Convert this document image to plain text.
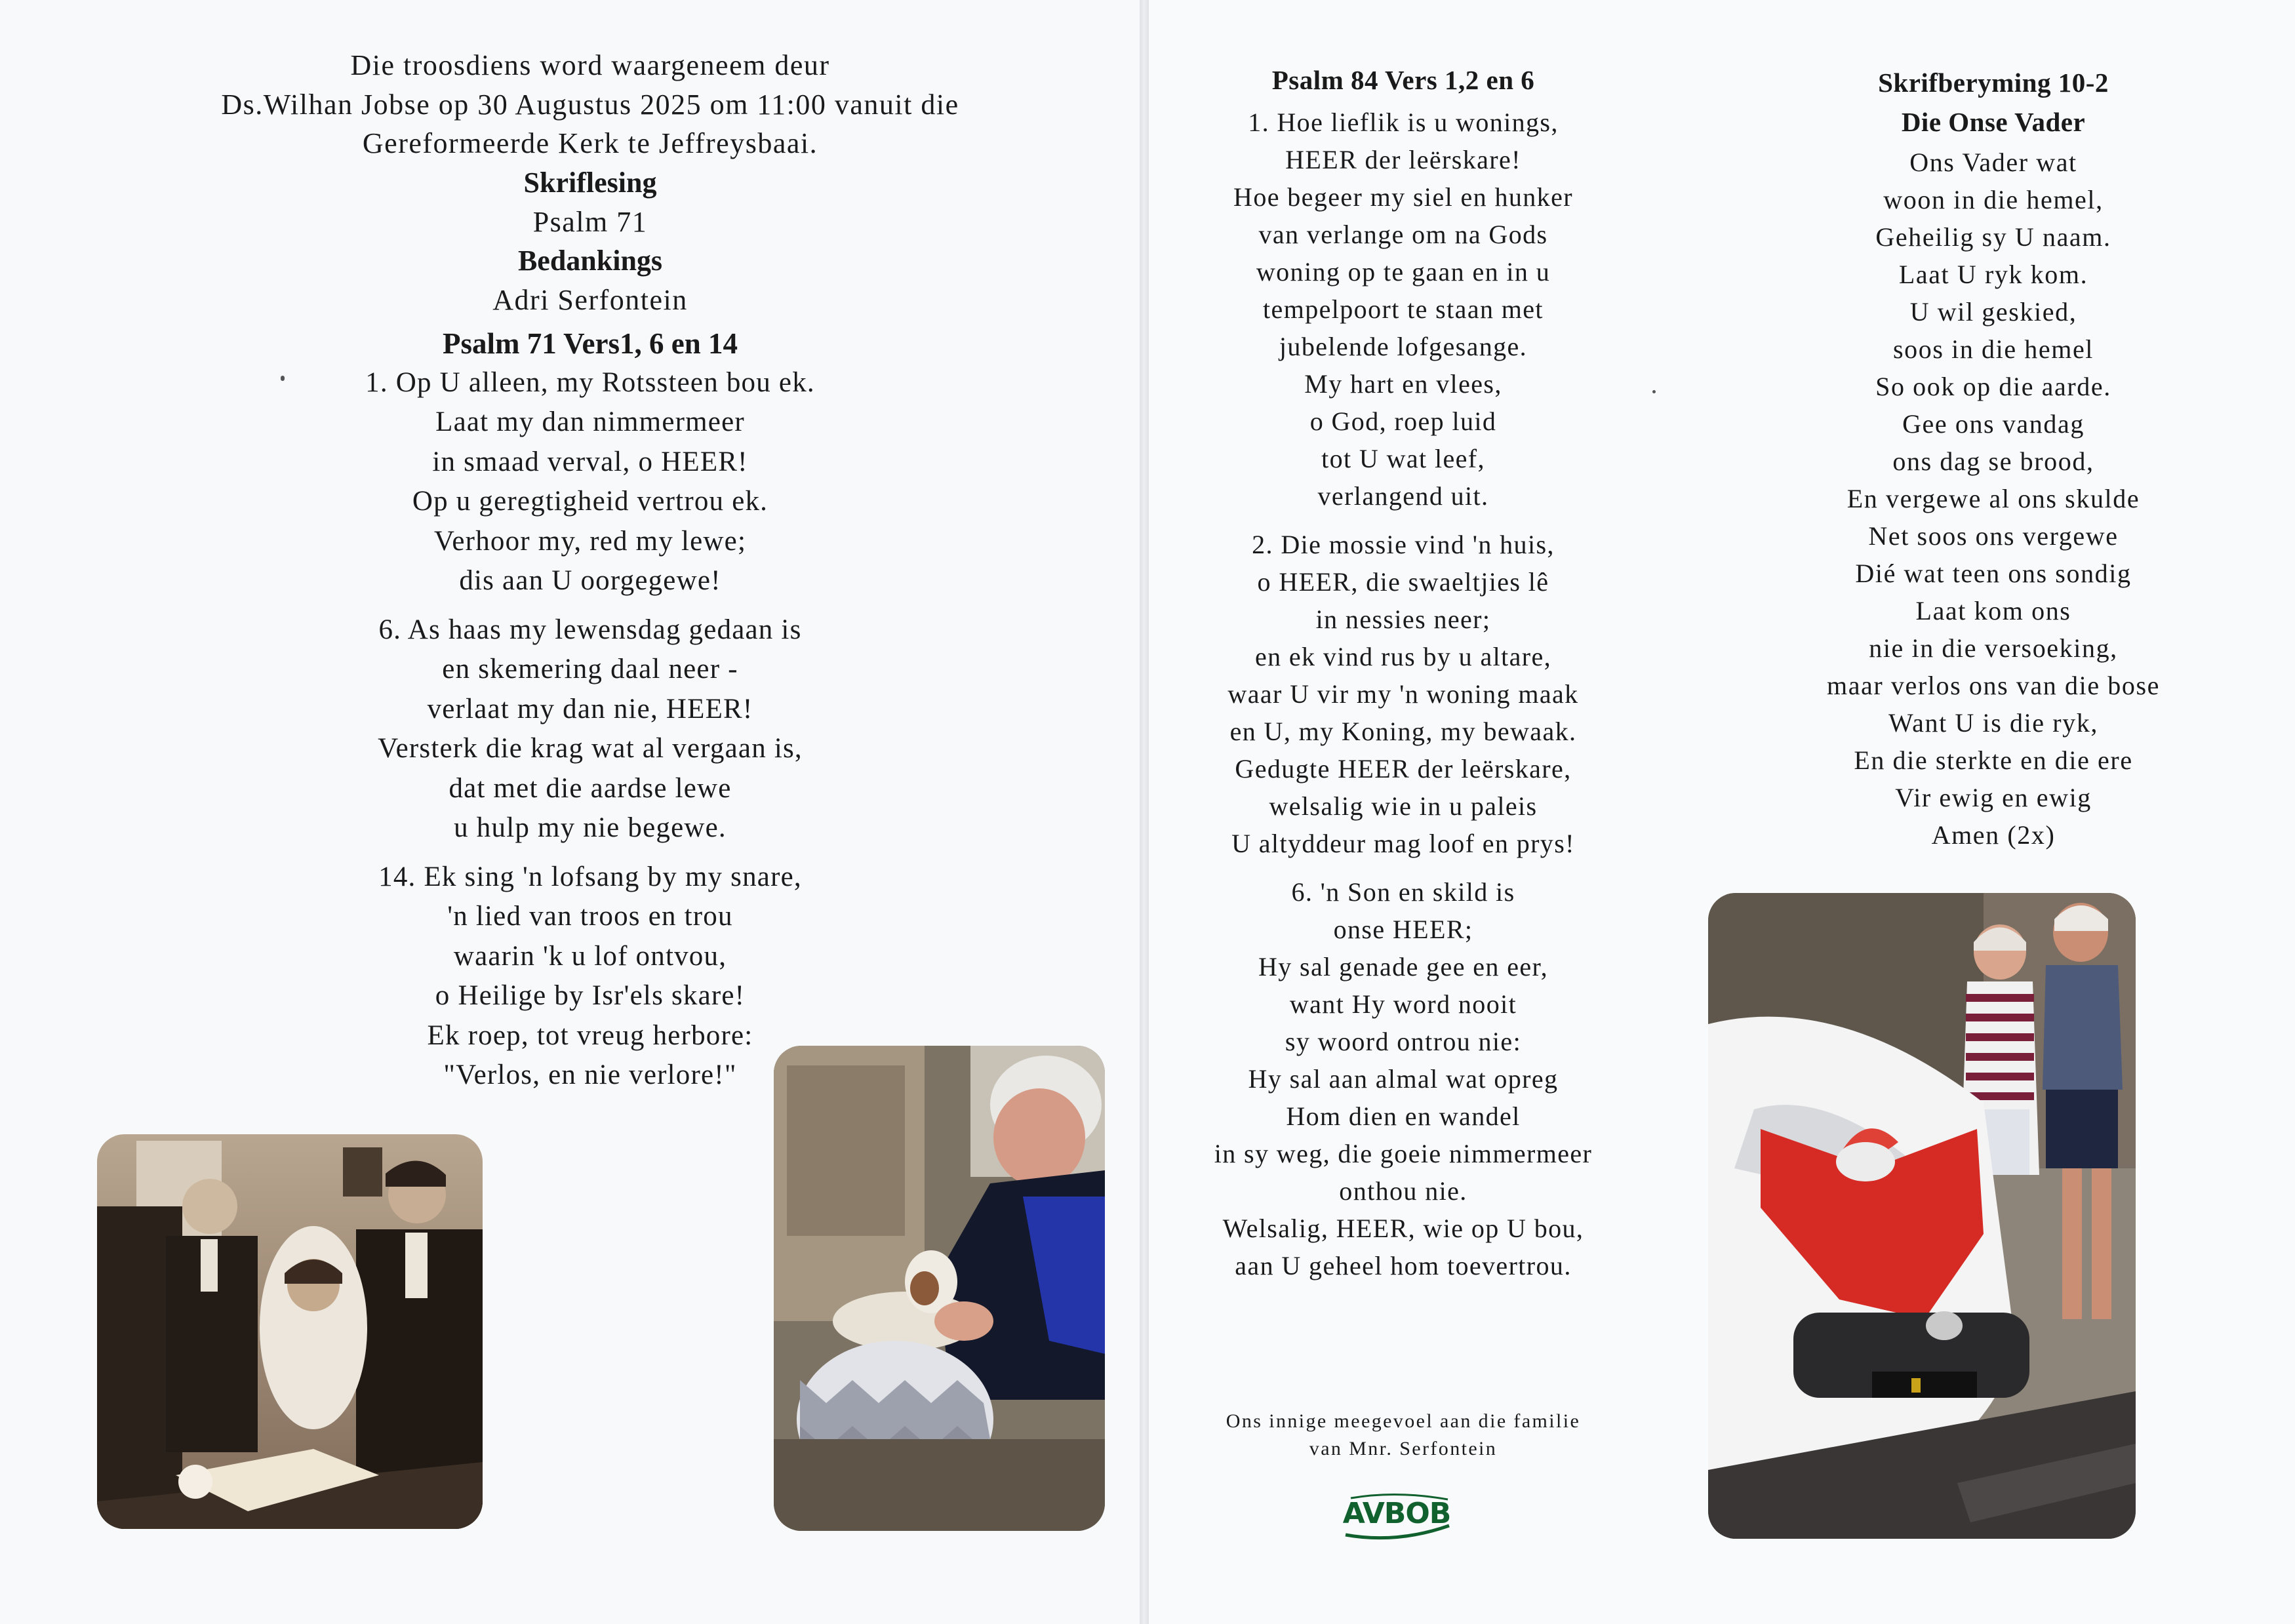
Die troosdiens word waargeneem deur
Ds.Wilhan Jobse op 30 Augustus 2025 om 11:00 vanuit die
Gereformeerde Kerk te Jeffreysbaai.
Skriflesing
Psalm 71
Bedankings
Adri Serfontein
Psalm 71 Vers1, 6 en 14
1. Op U alleen, my Rotssteen bou ek.
Laat my dan nimmermeer
in smaad verval, o HEER!
Op u geregtigheid vertrou ek.
Verhoor my, red my lewe;
dis aan U oorgegewe!
6. As haas my lewensdag gedaan is
en skemering daal neer -
verlaat my dan nie, HEER!
Versterk die krag wat al vergaan is,
dat met die aardse lewe
u hulp my nie begewe.
14. Ek sing 'n lofsang by my snare,
'n lied van troos en trou
waarin 'k u lof ontvou,
o Heilige by Isr'els skare!
Ek roep, tot vreug herbore:
"Verlos, en nie verlore!"
Psalm 84 Vers 1,2 en 6
1. Hoe lieflik is u wonings,
HEER der leërskare!
Hoe begeer my siel en hunker
van verlange om na Gods
woning op te gaan en in u
tempelpoort te staan met
jubelende lofgesange.
My hart en vlees,
o God, roep luid
tot U wat leef,
verlangend uit.
2. Die mossie vind 'n huis,
o HEER, die swaeltjies lê
in nessies neer;
en ek vind rus by u altare,
waar U vir my 'n woning maak
en U, my Koning, my bewaak.
Gedugte HEER der leërskare,
welsalig wie in u paleis
U altyddeur mag loof en prys!
6. 'n Son en skild is
onse HEER;
Hy sal genade gee en eer,
want Hy word nooit
sy woord ontrou nie:
Hy sal aan almal wat opreg
Hom dien en wandel
in sy weg, die goeie nimmermeer
onthou nie.
Welsalig, HEER, wie op U bou,
aan U geheel hom toevertrou.
Ons innige meegevoel aan die familie
van Mnr. Serfontein
AVBOB
Skrifberyming 10-2
Die Onse Vader
Ons Vader wat
woon in die hemel,
Geheilig sy U naam.
Laat U ryk kom.
U wil geskied,
soos in die hemel
So ook op die aarde.
Gee ons vandag
ons dag se brood,
En vergewe al ons skulde
Net soos ons vergewe
Dié wat teen ons sondig
Laat kom ons
nie in die versoeking,
maar verlos ons van die bose
Want U is die ryk,
En die sterkte en die ere
Vir ewig en ewig
Amen (2x)
